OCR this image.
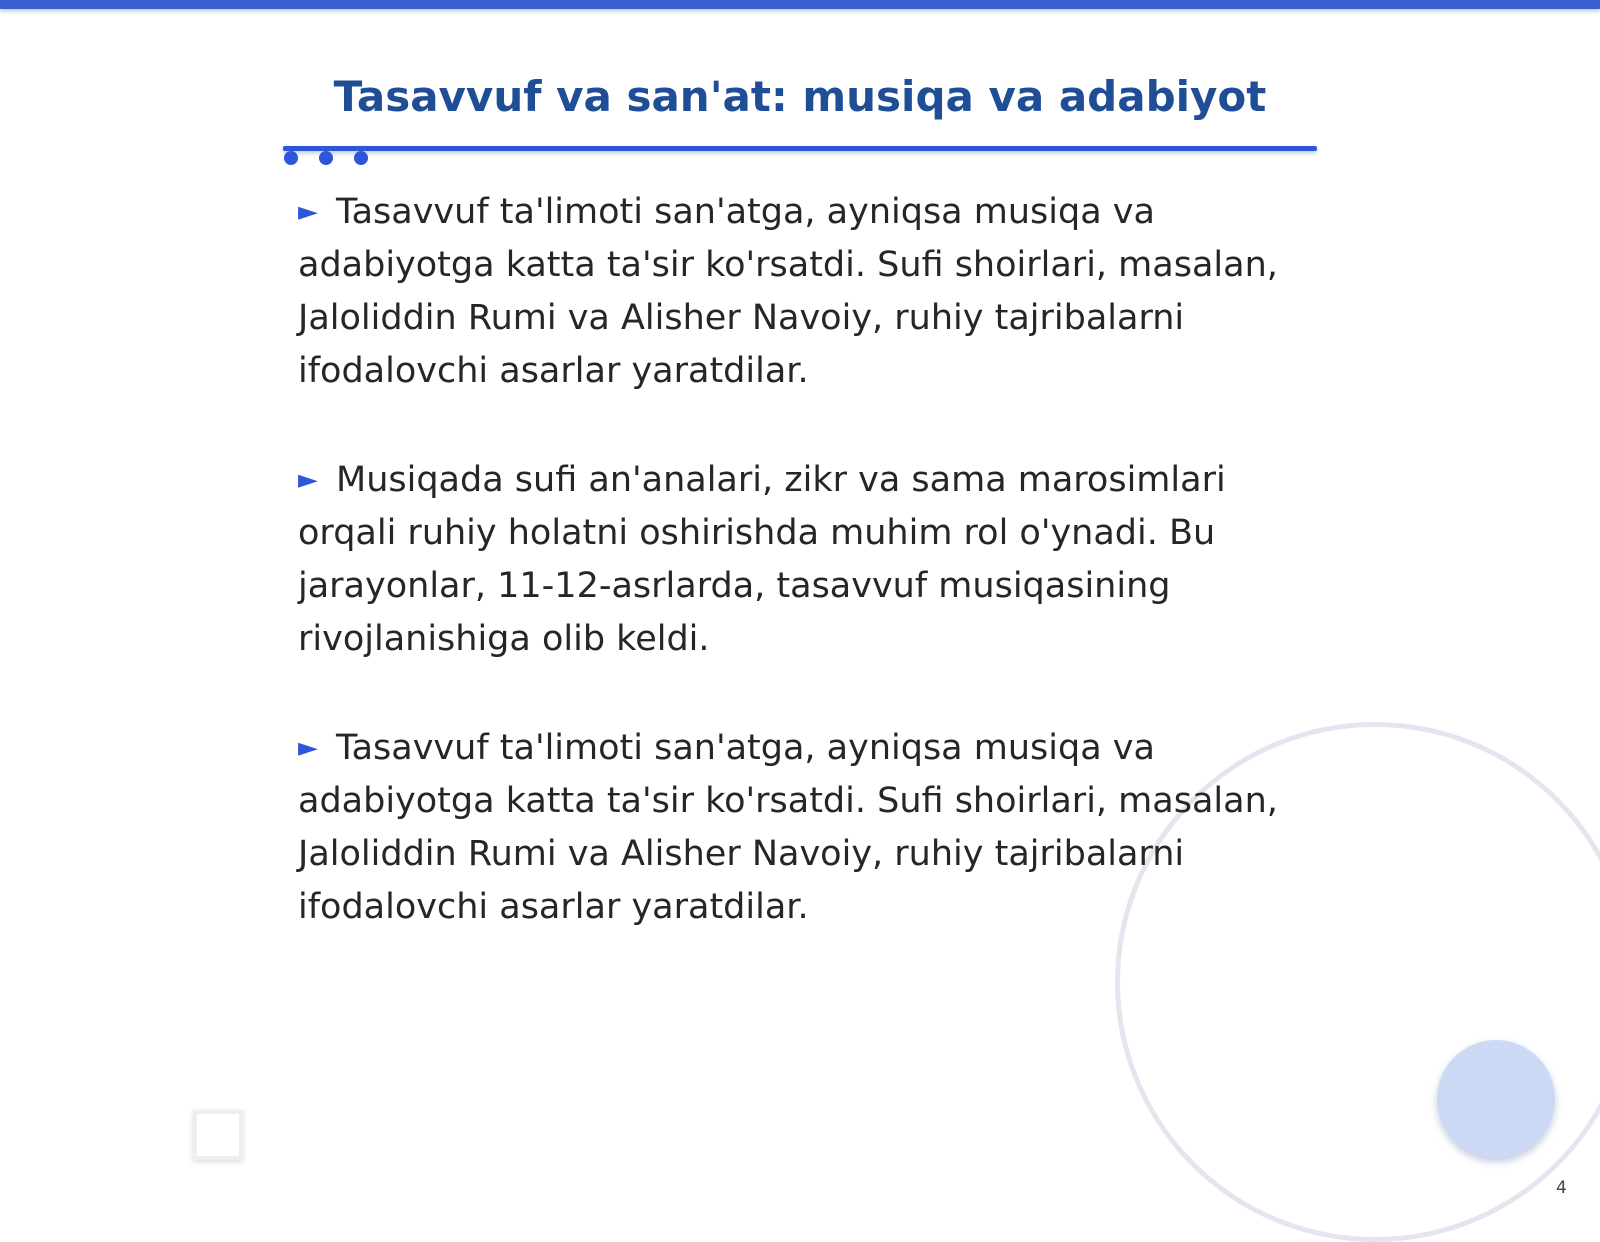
Tasavvuf va san'at: musiqa va adabiyot

► Tasavvuf ta'limoti san'atga, ayniqsa musiqa va adabiyotga katta ta'sir ko'rsatdi. Sufi shoirlari, masalan, Jaloliddin Rumi va Alisher Navoiy, ruhiy tajribalarni ifodalovchi asarlar yaratdilar.

► Musiqada sufi an'analari, zikr va sama marosimlari orqali ruhiy holatni oshirishda muhim rol o'ynadi. Bu jarayonlar, 11-12-asrlarda, tasavvuf musiqasining rivojlanishiga olib keldi.

► Tasavvuf ta'limoti san'atga, ayniqsa musiqa va adabiyotga katta ta'sir ko'rsatdi. Sufi shoirlari, masalan, Jaloliddin Rumi va Alisher Navoiy, ruhiy tajribalarni ifodalovchi asarlar yaratdilar.

4
